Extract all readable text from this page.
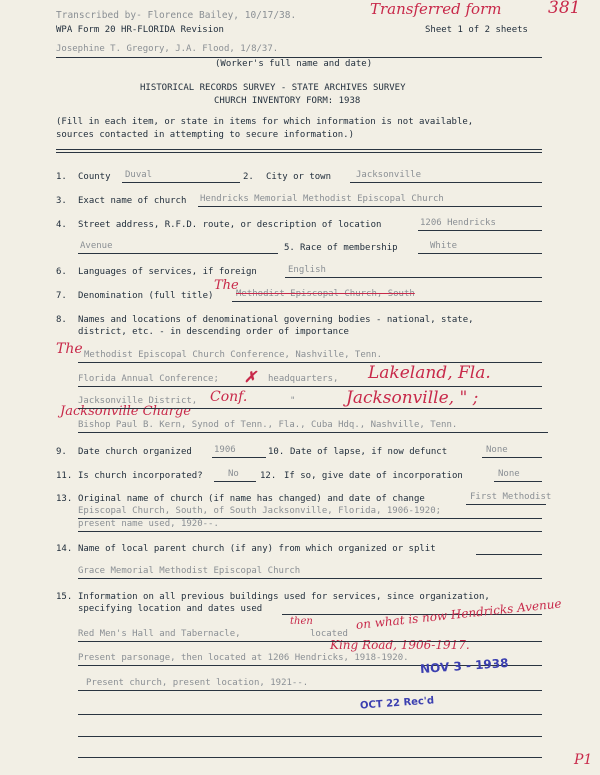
Transcribed by- Florence Bailey, 10/17/38.	Transferred form	381
WPA Form 20 HR-FLORIDA Revision	Sheet 1 of 2 sheets
Josephine T. Gregory, J.A. Flood, 1/8/37.
(Worker's full name and date)
HISTORICAL RECORDS SURVEY - STATE ARCHIVES SURVEY
CHURCH INVENTORY FORM: 1938
(Fill in each item, or state in items for which information is not available,
sources contacted in attempting to secure information.)
1. County Duval	2. City or town	Jacksonville
3. Exact name of church Hendricks Memorial Methodist Episcopal Church
4. Street address, R.F.D. route, or description of location	1206 Hendricks
Avenue	5. Race of membership	White
6. Languages of services, if foreign	English
7. Denomination (full title)
The
Methodist Episcopal Church, South
8. Names and locations of denominational governing bodies - national, state,
district, etc. - in descending order of importance
The Methodist Episcopal Church Conference, Nashville, Tenn.
Florida Annual Conference; ✗ headquarters, Lakeland, Fla.
Jacksonville District, Conf.	"	Jacksonville, " ;
Jacksonville Charge
Bishop Paul B. Kern, Synod of Tenn., Fla., Cuba Hdq., Nashville, Tenn.
9. Date church organized 1906	10. Date of lapse, if now defunct	None
11. Is church incorporated?	No 12. If so, give date of incorporation	None
13. Original name of church (if name has changed) and date of change	First Methodist
Episcopal Church, South, of South Jacksonville, Florida, 1906-1920;
present name used, 1920--.
14. Name of local parent church (if any) from which organized or split
Grace Memorial Methodist Episcopal Church
15. Information on all previous buildings used for services, since organization,
specifying location and dates used
Red Men's Hall and Tabernacle,
then
located
on what is now Hendricks Avenue
King Road, 1906-1917.
Present parsonage, then located at 1206 Hendricks, 1918-1920. NOV 3 - 1938
Present church, present location, 1921--.
OCT 22 Rec'd
P1
